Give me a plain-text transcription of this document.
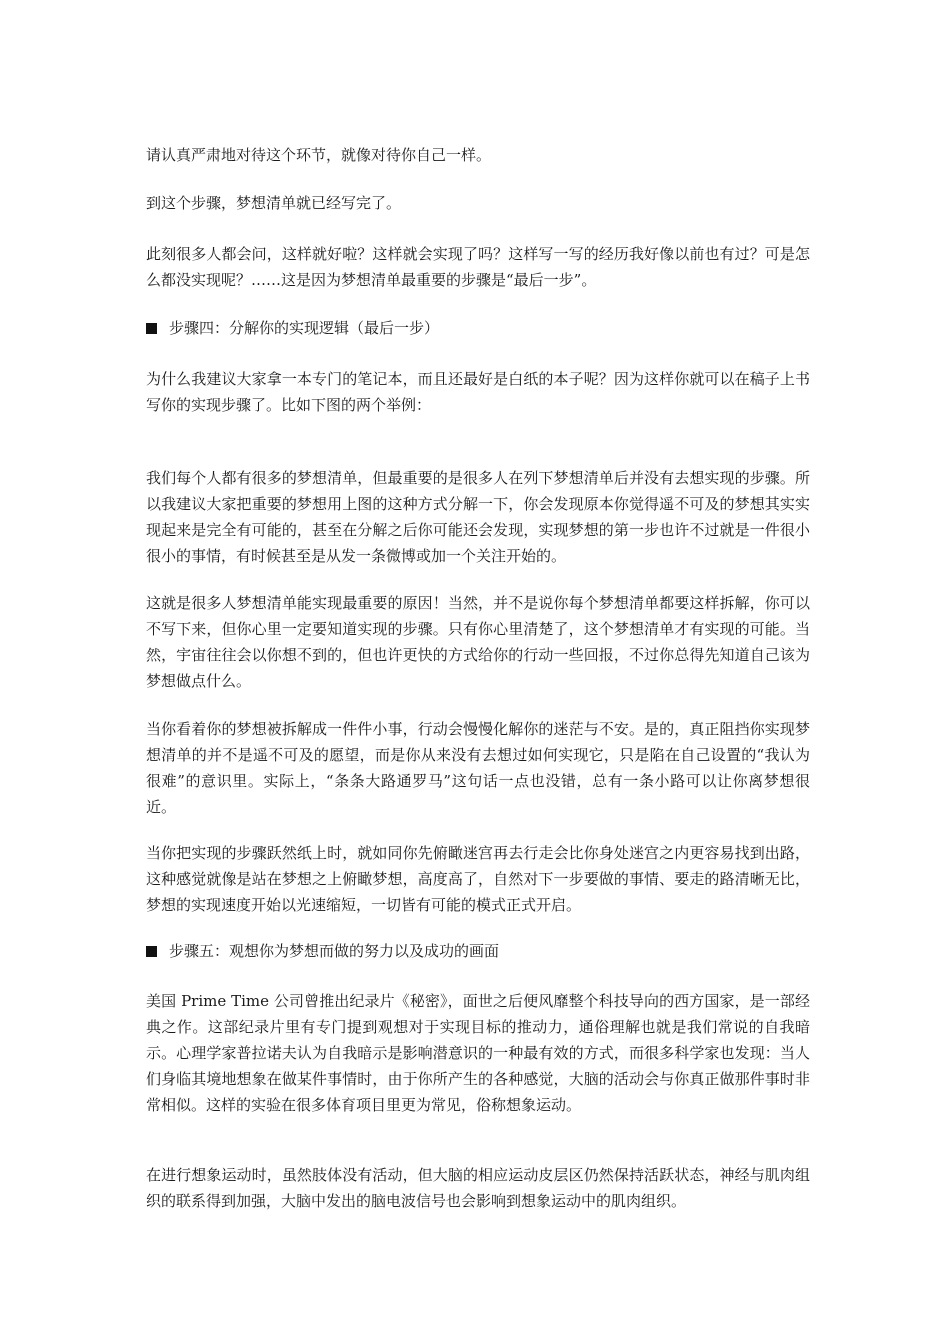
请认真严肃地对待这个环节，就像对待你自己一样。

到这个步骤，梦想清单就已经写完了。

此刻很多人都会问，这样就好啦？这样就会实现了吗？这样写一写的经历我好像以前也有过？可是怎么都没实现呢？……这是因为梦想清单最重要的步骤是“最后一步”。

步骤四：分解你的实现逻辑（最后一步）

为什么我建议大家拿一本专门的笔记本，而且还最好是白纸的本子呢？因为这样你就可以在稿子上书写你的实现步骤了。比如下图的两个举例：

我们每个人都有很多的梦想清单，但最重要的是很多人在列下梦想清单后并没有去想实现的步骤。所以我建议大家把重要的梦想用上图的这种方式分解一下，你会发现原本你觉得遥不可及的梦想其实实现起来是完全有可能的，甚至在分解之后你可能还会发现，实现梦想的第一步也许不过就是一件很小很小的事情，有时候甚至是从发一条微博或加一个关注开始的。

这就是很多人梦想清单能实现最重要的原因！当然，并不是说你每个梦想清单都要这样拆解，你可以不写下来，但你心里一定要知道实现的步骤。只有你心里清楚了，这个梦想清单才有实现的可能。当然，宇宙往往会以你想不到的，但也许更快的方式给你的行动一些回报，不过你总得先知道自己该为梦想做点什么。

当你看着你的梦想被拆解成一件件小事，行动会慢慢化解你的迷茫与不安。是的，真正阻挡你实现梦想清单的并不是遥不可及的愿望，而是你从来没有去想过如何实现它，只是陷在自己设置的“我认为很难”的意识里。实际上，“条条大路通罗马”这句话一点也没错，总有一条小路可以让你离梦想很近。

当你把实现的步骤跃然纸上时，就如同你先俯瞰迷宫再去行走会比你身处迷宫之内更容易找到出路，这种感觉就像是站在梦想之上俯瞰梦想，高度高了，自然对下一步要做的事情、要走的路清晰无比，梦想的实现速度开始以光速缩短，一切皆有可能的模式正式开启。

步骤五：观想你为梦想而做的努力以及成功的画面

美国 Prime Time 公司曾推出纪录片《秘密》，面世之后便风靡整个科技导向的西方国家，是一部经典之作。这部纪录片里有专门提到观想对于实现目标的推动力，通俗理解也就是我们常说的自我暗示。心理学家普拉诺夫认为自我暗示是影响潜意识的一种最有效的方式，而很多科学家也发现：当人们身临其境地想象在做某件事情时，由于你所产生的各种感觉，大脑的活动会与你真正做那件事时非常相似。这样的实验在很多体育项目里更为常见，俗称想象运动。

在进行想象运动时，虽然肢体没有活动，但大脑的相应运动皮层区仍然保持活跃状态，神经与肌肉组织的联系得到加强，大脑中发出的脑电波信号也会影响到想象运动中的肌肉组织。
